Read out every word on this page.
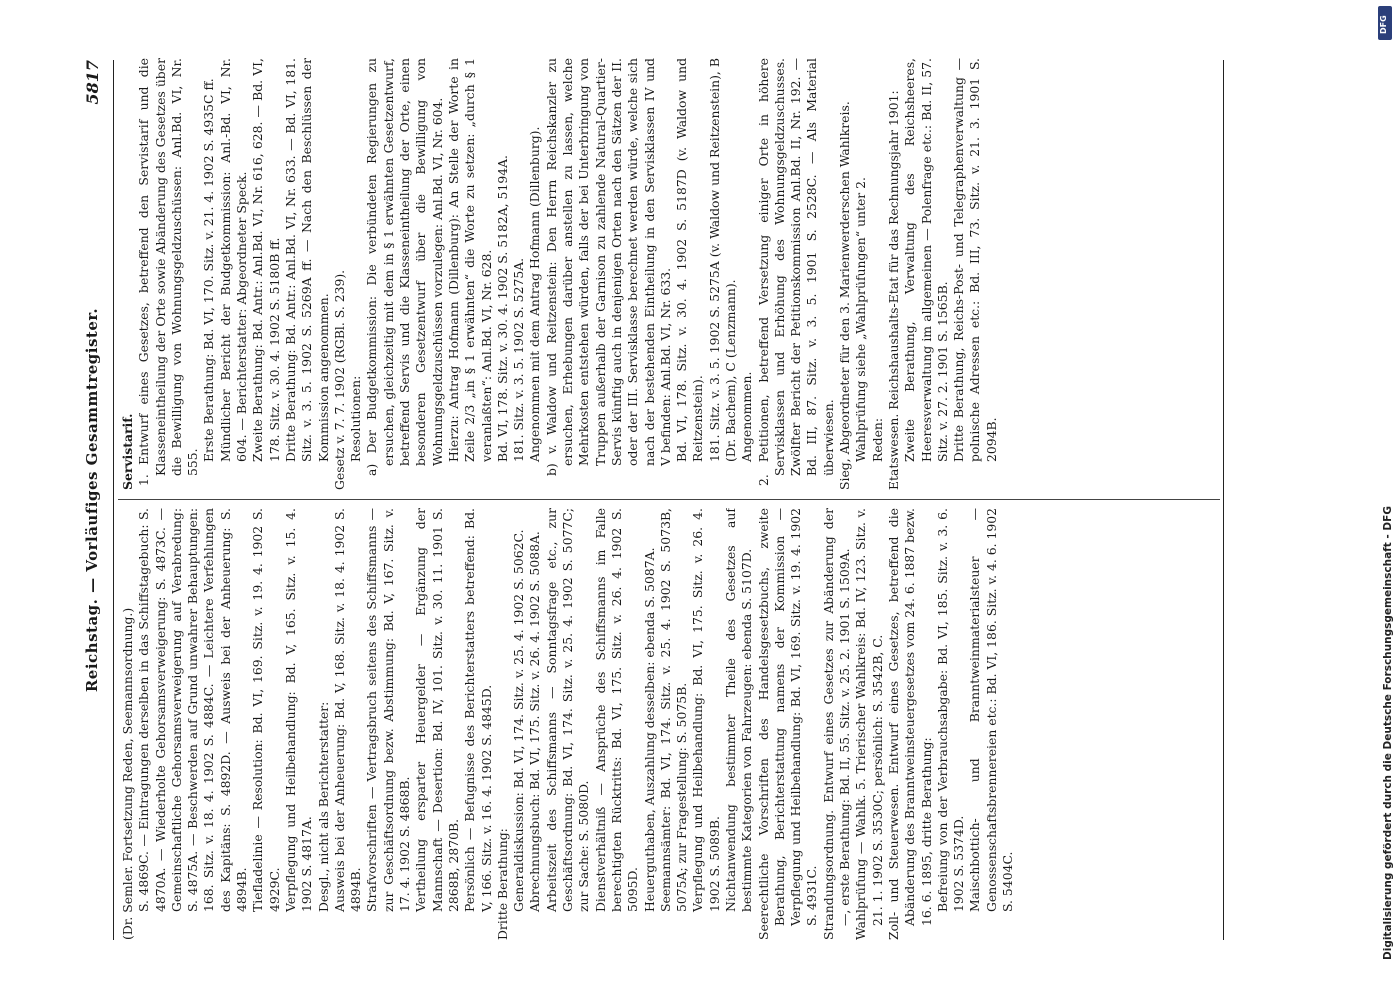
Reichstag. — Vorläufiges Gesammtregister.
5817

(Dr. Semler. Fortsetzung Reden, Seemannsordnung.) S. 4869C. — Eintragungen derselben in das Schiffstagebuch: S. 4870A. — Wiederholte Gehorsamsverweigerung: S. 4873C. — Gemeinschaftliche Gehorsamsverweigerung auf Verabredung: S. 4875A. — Beschwerden auf Grund unwahrer Behauptungen: 168. Sitz. v. 18. 4. 1902 S. 4884C. — Leichtere Verfehlungen des Kapitäns: S. 4892D. — Ausweis bei der Anheuerung: S. 4894B. Tiefladelinie — Resolution: Bd. VI, 169. Sitz. v. 19. 4. 1902 S. 4929C. Verpflegung und Heilbehandlung: Bd. V, 165. Sitz. v. 15. 4. 1902 S. 4817A. Desgl., nicht als Berichterstatter: Ausweis bei der Anheuerung: Bd. V, 168. Sitz. v. 18. 4. 1902 S. 4894B. Strafvorschriften — Vertragsbruch seitens des Schiffsmanns — zur Geschäftsordnung bezw. Abstimmung: Bd. V, 167. Sitz. v. 17. 4. 1902 S. 4868B. Vertheilung ersparter Heuergelder — Ergänzung der Mannschaft — Desertion: Bd. IV, 101. Sitz. v. 30. 11. 1901 S. 2868B, 2870B. Persönlich — Befugnisse des Berichterstatters betreffend: Bd. V, 166. Sitz. v. 16. 4. 1902 S. 4845D. Dritte Berathung: Generaldiskussion: Bd. VI, 174. Sitz. v. 25. 4. 1902 S. 5062C. Abrechnungsbuch: Bd. VI, 175. Sitz. v. 26. 4. 1902 S. 5088A. Arbeitszeit des Schiffsmanns — Sonntagsfrage etc., zur Geschäftsordnung: Bd. VI, 174. Sitz. v. 25. 4. 1902 S. 5077C; zur Sache: S. 5080D. Dienstverhältniß — Ansprüche des Schiffsmanns im Falle berechtigten Rücktritts: Bd. VI, 175. Sitz. v. 26. 4. 1902 S. 5095D. Heuerguthaben, Auszahlung desselben: ebenda S. 5087A. Seemannsämter: Bd. VI, 174. Sitz. v. 25. 4. 1902 S. 5073B, 5075A; zur Fragestellung: S. 5075B. Verpflegung und Heilbehandlung: Bd. VI, 175. Sitz. v. 26. 4. 1902 S. 5089B. Nichtanwendung bestimmter Theile des Gesetzes auf bestimmte Kategorien von Fahrzeugen: ebenda S. 5107D. Seerechtliche Vorschriften des Handelsgesetzbuchs, zweite Berathung, Berichterstattung namens der Kommission — Verpflegung und Heilbehandlung: Bd. VI, 169. Sitz. v. 19. 4. 1902 S. 4931C. Strandungsordnung. Entwurf eines Gesetzes zur Abänderung der —, erste Berathung: Bd. II, 55. Sitz. v. 25. 2. 1901 S. 1509A. Wahlprüfung — Wahlk. 5. Trierischer Wahlkreis: Bd. IV, 123. Sitz. v. 21. 1. 1902 S. 3530C; persönlich: S. 3542B, C. Zoll- und Steuerwesen. Entwurf eines Gesetzes, betreffend die Abänderung des Branntweinsteuergesetzes vom 24. 6. 1887 bezw. 16. 6. 1895, dritte Berathung: Befreiung von der Verbrauchsabgabe: Bd. VI, 185. Sitz. v. 3. 6. 1902 S. 5374D. Maischbottich- und Branntweinmaterialsteuer — Genossenschaftsbrennereien etc.: Bd. VI, 186. Sitz. v. 4. 6. 1902 S. 5404C.

Servistarif. 1. Entwurf eines Gesetzes, betreffend den Servistarif und die Klasseneintheilung der Orte sowie Abänderung des Gesetzes über die Bewilligung von Wohnungsgeldzuschüssen: Anl.Bd. VI, Nr. 555.

Erste Berathung: Bd. VI, 170. Sitz. v. 21. 4. 1902 S. 4935C ff. Mündlicher Bericht der Budgetkommission: Anl.-Bd. VI, Nr. 604. — Berichterstatter: Abgeordneter Speck. Zweite Berathung: Bd. Antr.: Anl.Bd. VI, Nr. 616, 628. — Bd. VI, 178. Sitz. v. 30. 4. 1902 S. 5180B ff. Dritte Berathung: Bd. Antr.: Anl.Bd. VI, Nr. 633. — Bd. VI, 181. Sitz. v. 3. 5. 1902 S. 5269A ff. — Nach den Beschlüssen der Kommission angenommen. Gesetz v. 7. 7. 1902 (RGBl. S. 239). Resolutionen: a) Der Budgetkommission: Die verbündeten Regierungen zu ersuchen, gleichzeitig mit dem in § 1 erwähnten Gesetzentwurf, betreffend Servis und die Klasseneintheilung der Orte, einen besonderen Gesetzentwurf über die Bewilligung von Wohnungsgeldzuschüssen vorzulegen: Anl.Bd. VI, Nr. 604. Hierzu: Antrag Hofmann (Dillenburg): An Stelle der Worte in Zeile 2/3 „in § 1 erwähnten“ die Worte zu setzen: „durch § 1 veranlaßten“: Anl.Bd. VI, Nr. 628. Bd. VI, 178. Sitz. v. 30. 4. 1902 S. 5182A, 5194A. 181. Sitz. v. 3. 5. 1902 S. 5275A. Angenommen mit dem Antrag Hofmann (Dillenburg). b) v. Waldow und Reitzenstein: Den Herrn Reichskanzler zu ersuchen, Erhebungen darüber anstellen zu lassen, welche Mehrkosten entstehen würden, falls der bei Unterbringung von Truppen außerhalb der Garnison zu zahlende Natural-Quartier-Servis künftig auch in denjenigen Orten nach den Sätzen der II. oder der III. Servisklasse berechnet werden würde, welche sich nach der bestehenden Eintheilung in den Servisklassen IV und V befinden: Anl.Bd. VI, Nr. 633. Bd. VI, 178. Sitz. v. 30. 4. 1902 S. 5187D (v. Waldow und Reitzenstein). 181. Sitz. v. 3. 5. 1902 S. 5275A (v. Waldow und Reitzenstein), B (Dr. Bachem), C (Lenzmann). Angenommen. 2. Petitionen, betreffend Versetzung einiger Orte in höhere Servisklassen und Erhöhung des Wohnungsgeldzuschusses. Zwölfter Bericht der Petitionskommission Anl.Bd. II, Nr. 192. — Bd. III, 87. Sitz. v. 3. 5. 1901 S. 2528C. — Als Material überwiesen. Sieg, Abgeordneter für den 3. Marienwerderschen Wahlkreis. Wahlprüfung siehe „Wahlprüfungen“ unter 2. Reden: Etatswesen. Reichshaushalts-Etat für das Rechnungsjahr 1901: Zweite Berathung, Verwaltung des Reichsheeres, Heeresverwaltung im allgemeinen — Polenfrage etc.: Bd. II, 57. Sitz. v. 27. 2. 1901 S. 1565B. Dritte Berathung, Reichs-Post- und Telegraphenverwaltung — polnische Adressen etc.: Bd. III, 73. Sitz. v. 21. 3. 1901 S. 2094B.

DFG
Digitalisierung gefördert durch die Deutsche Forschungsgemeinschaft - DFG
